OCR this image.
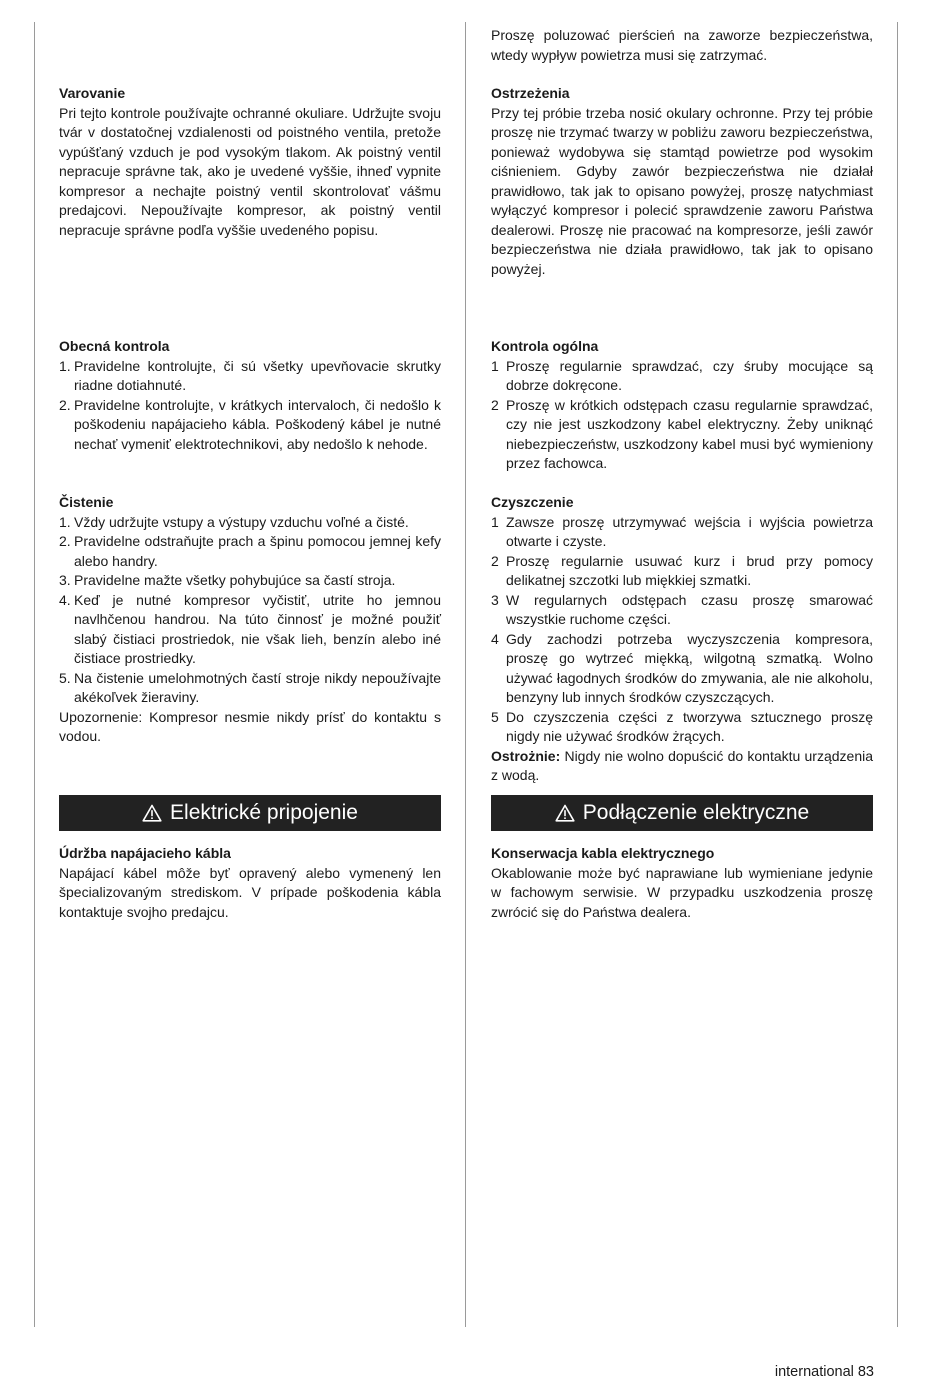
Varovanie

Pri tejto kontrole používajte ochranné okuliare. Udržujte svoju tvár v dostatočnej vzdialenosti od poistného ventila, pretože vypúšťaný vzduch je pod vysokým tlakom. Ak poistný ventil nepracuje správne tak, ako je uvedené vyššie, ihneď vypnite kompresor a nechajte poistný ventil skontrolovať vášmu predajcovi. Nepoužívajte kompresor, ak poistný ventil nepracuje správne podľa vyššie uvedeného popisu.

Obecná kontrola
1. Pravidelne kontrolujte, či sú všetky upevňovacie skrutky riadne dotiahnuté.
2. Pravidelne kontrolujte, v krátkych intervaloch, či nedošlo k poškodeniu napájacieho kábla. Poškodený kábel je nutné nechať vymeniť elektrotechnikovi, aby nedošlo k nehode.
Čistenie
1. Vždy udržujte vstupy a výstupy vzduchu voľné a čisté.
2. Pravidelne odstraňujte prach a špinu pomocou jemnej kefy alebo handry.
3. Pravidelne mažte všetky pohybujúce sa častí stroja.
4. Keď je nutné kompresor vyčistiť, utrite ho jemnou navlhčenou handrou. Na túto činnosť je možné použiť slabý čistiaci prostriedok, nie však lieh, benzín alebo iné čistiace prostriedky.
5. Na čistenie umelohmotných častí stroje nikdy nepoužívajte akékoľvek žieraviny.

Upozornenie: Kompresor nesmie nikdy prísť do kontaktu s vodou.

Elektrické pripojenie
Údržba napájacieho kábla

Napájací kábel môže byť opravený alebo vymenený len špecializovaným strediskom. V prípade poškodenia kábla kontaktuje svojho predajcu.

Proszę poluzować pierścień na zaworze bezpieczeństwa, wtedy wypływ powietrza musi się zatrzymać.

Ostrzeżenia

Przy tej próbie trzeba nosić okulary ochronne. Przy tej próbie proszę nie trzymać twarzy w pobliżu zaworu bezpieczeństwa, ponieważ wydobywa się stamtąd powietrze pod wysokim ciśnieniem. Gdyby zawór bezpieczeństwa nie działał prawidłowo, tak jak to opisano powyżej, proszę natychmiast wyłączyć kompresor i polecić sprawdzenie zaworu Państwa dealerowi. Proszę nie pracować na kompresorze, jeśli zawór bezpieczeństwa nie działa prawidłowo, tak jak to opisano powyżej.

Kontrola ogólna
1 Proszę regularnie sprawdzać, czy śruby mocujące są dobrze dokręcone.
2 Proszę w krótkich odstępach czasu regularnie sprawdzać, czy nie jest uszkodzony kabel elektryczny. Żeby uniknąć niebezpieczeństw, uszkodzony kabel musi być wymieniony przez fachowca.
Czyszczenie
1 Zawsze proszę utrzymywać wejścia i wyjścia powietrza otwarte i czyste.
2 Proszę regularnie usuwać kurz i brud przy pomocy delikatnej szczotki lub miękkiej szmatki.
3 W regularnych odstępach czasu proszę smarować wszystkie ruchome części.
4 Gdy zachodzi potrzeba wyczyszczenia kompresora, proszę go wytrzeć miękką, wilgotną szmatką. Wolno używać łagodnych środków do zmywania, ale nie alkoholu, benzyny lub innych środków czyszczących.
5 Do czyszczenia części z tworzywa sztucznego proszę nigdy nie używać środków żrących.

Ostrożnie: Nigdy nie wolno dopuścić do kontaktu urządzenia z wodą.

Podłączenie elektryczne
Konserwacja kabla elektrycznego

Okablowanie może być naprawiane lub wymieniane jedynie w fachowym serwisie. W przypadku uszkodzenia proszę zwrócić się do Państwa dealera.

international 83
